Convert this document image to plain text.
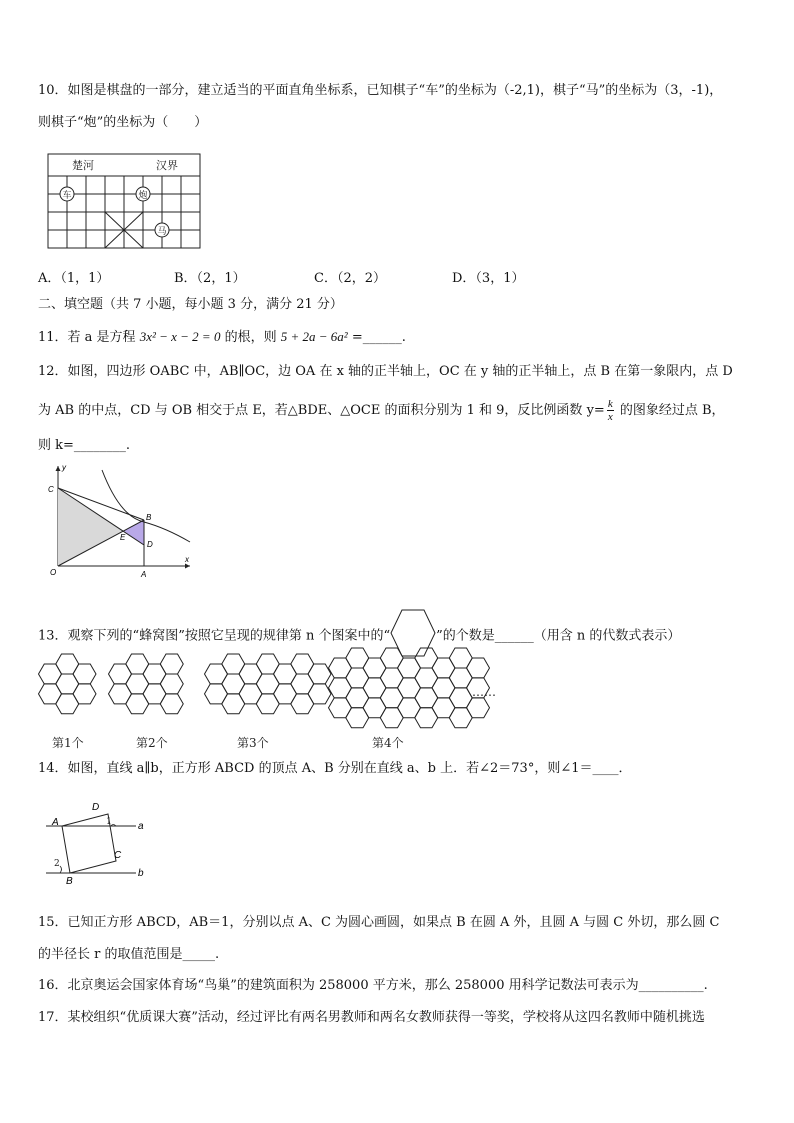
10．如图是棋盘的一部分，建立适当的平面直角坐标系，已知棋子“车”的坐标为（-2,1)，棋子“马”的坐标为（3，-1)，
则棋子“炮”的坐标为（　　）
楚河	汉界
车	炮
马
A．（1，1）	B．（2，1）	C．（2，2）	D．（3，1）
二、填空题（共 7 小题，每小题 3 分，满分 21 分）
11．若 a 是方程 3x² − x − 2 = 0 的根，则 5 + 2a − 6a² =______.
12．如图，四边形 OABC 中，AB∥OC，边 OA 在 x 轴的正半轴上，OC 在 y 轴的正半轴上，点 B 在第一象限内，点 D
为 AB 的中点，CD 与 OB 相交于点 E，若△BDE、△OCE 的面积分别为 1 和 9，反比例函数 $y= \frac{k}{x}$ 的图象经过点 B，
则 k=________.
y
x
C
B
E
D
O	A
13．观察下列的“蜂窝图”按照它呈现的规律第 n 个图案中的“	”的个数是______（用含 n 的代数式表示）
第1个	第2个	第3个	第4个
……
14．如图，直线 a∥b，正方形 ABCD 的顶点 A、B 分别在直线 a、b 上．若∠2＝73°，则∠1＝____．
A
D
C
B
a
b
1
2
15．已知正方形 ABCD，AB＝1，分别以点 A、C 为圆心画圆，如果点 B 在圆 A 外，且圆 A 与圆 C 外切，那么圆 C
的半径长 r 的取值范围是_____.
16．北京奥运会国家体育场“鸟巢”的建筑面积为 258000 平方米，那么 258000 用科学记数法可表示为__________.
17．某校组织“优质课大赛”活动，经过评比有两名男教师和两名女教师获得一等奖，学校将从这四名教师中随机挑选
